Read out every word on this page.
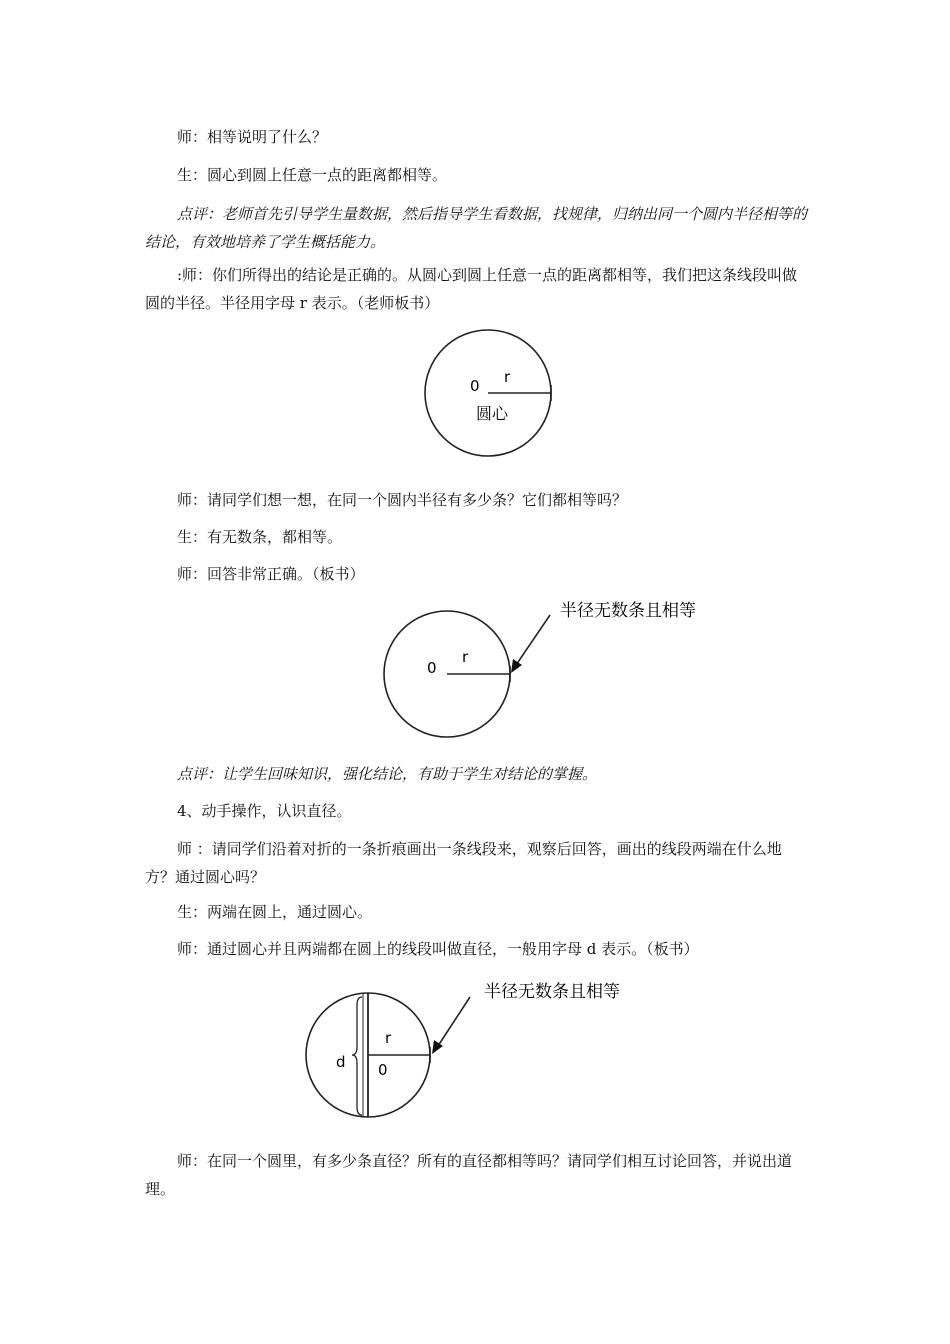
师：相等说明了什么？

生：圆心到圆上任意一点的距离都相等。

点评：老师首先引导学生量数据，然后指导学生看数据，找规律，归纳出同一个圆内半径相等的结论，有效地培养了学生概括能力。

:师：你们所得出的结论是正确的。从圆心到圆上任意一点的距离都相等，我们把这条线段叫做圆的半径。半径用字母 r 表示。（老师板书）

0 r
圆心

师：请同学们想一想，在同一个圆内半径有多少条？它们都相等吗？

生：有无数条，都相等。

师：回答非常正确。（板书）

0
r
半径无数条且相等

点评：让学生回味知识，强化结论，有助于学生对结论的掌握。

4、动手操作，认识直径。

师 ：请同学们沿着对折的一条折痕画出一条线段来，观察后回答，画出的线段两端在什么地方？通过圆心吗？

生：两端在圆上，通过圆心。

师：通过圆心并且两端都在圆上的线段叫做直径，一般用字母 d 表示。（板书）

d
r
0
半径无数条且相等

师：在同一个圆里，有多少条直径？所有的直径都相等吗？请同学们相互讨论回答，并说出道理。
